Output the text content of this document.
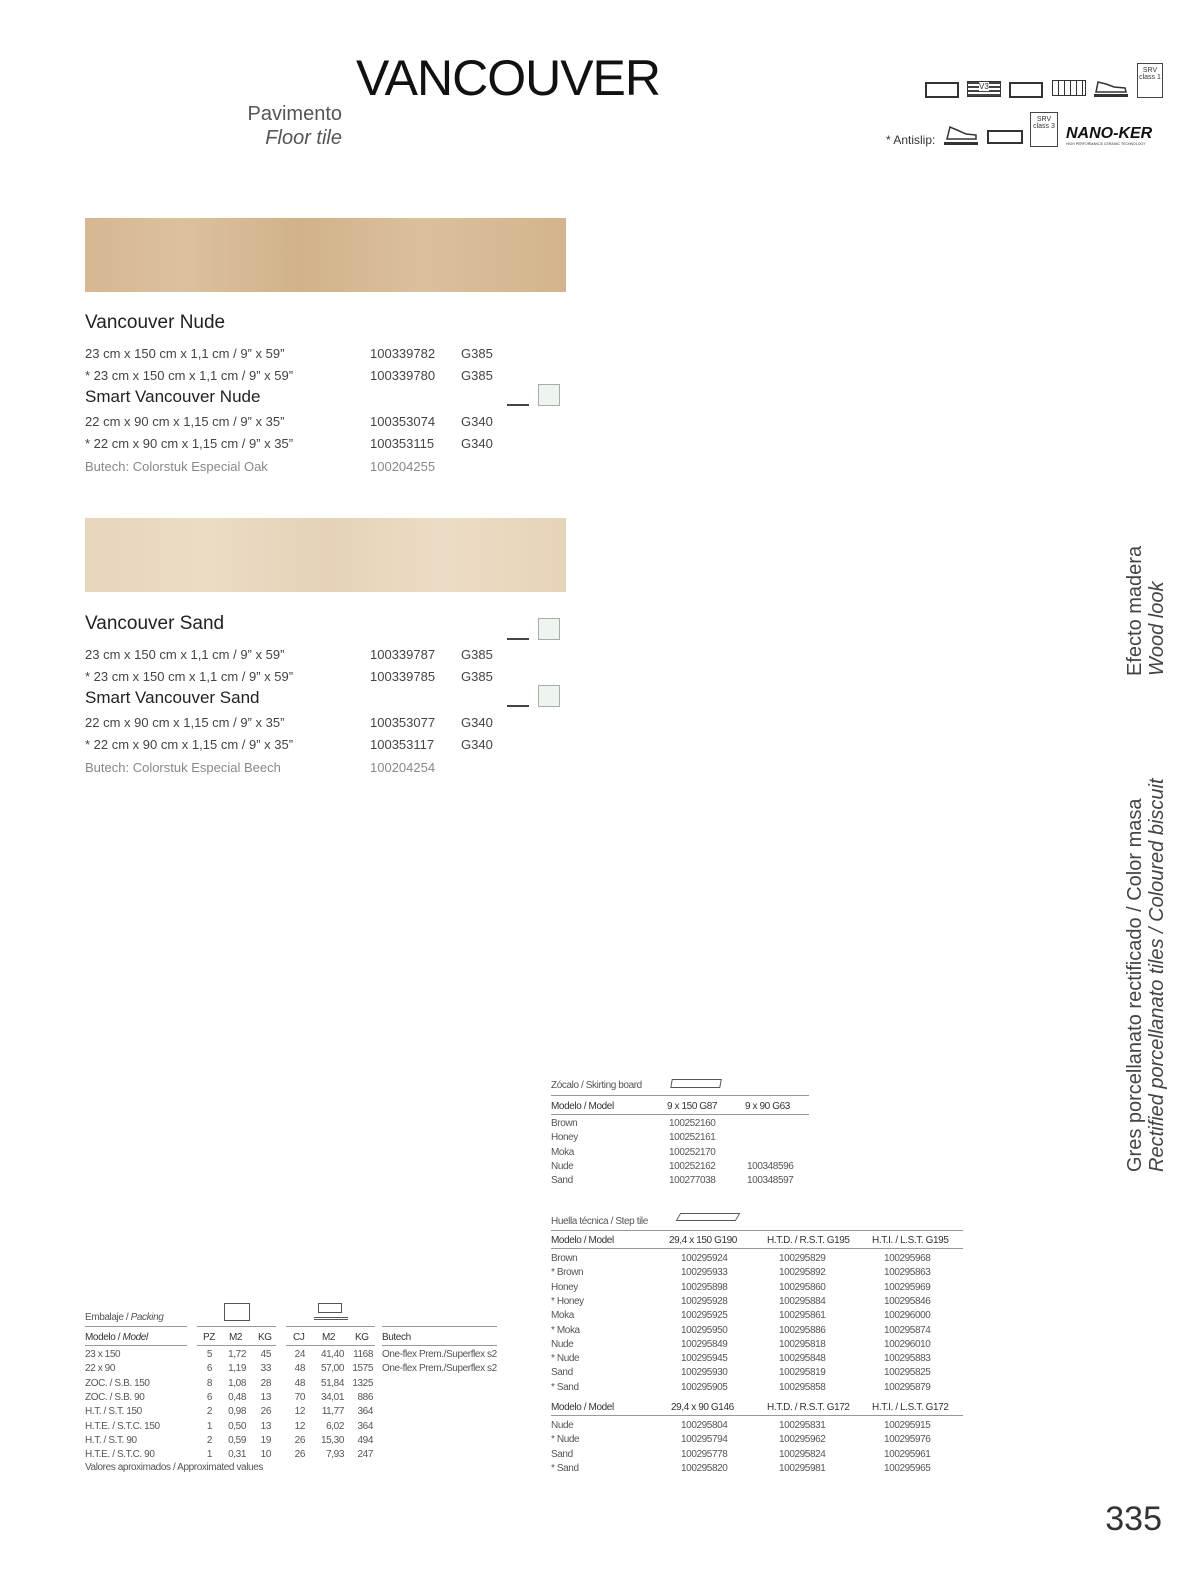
VANCOUVER
Pavimento
Floor tile
V3
SRV class 1
* Antislip:
SRV class 3 NANO-KER
HIGH PERFORMANCE CERAMIC TECHNOLOGY
Vancouver Nude
23 cm x 150 cm x 1,1 cm / 9” x 59”	100339782 G385
* 23 cm x 150 cm x 1,1 cm / 9” x 59”	100339780 G385
Smart Vancouver Nude
22 cm x 90 cm x 1,15 cm / 9” x 35”	100353074 G340
* 22 cm x 90 cm x 1,15 cm / 9” x 35”	100353115 G340
Butech: Colorstuk Especial Oak	100204255
Vancouver Sand
23 cm x 150 cm x 1,1 cm / 9” x 59”	100339787 G385
* 23 cm x 150 cm x 1,1 cm / 9” x 59”	100339785 G385
Smart Vancouver Sand
22 cm x 90 cm x 1,15 cm / 9” x 35”	100353077 G340
* 22 cm x 90 cm x 1,15 cm / 9” x 35”	100353117 G340
Butech: Colorstuk Especial Beech	100204254
Efecto madera Wood look
Gres porcellanato rectificado / Color masa Rectified porcellanato tiles / Coloured biscuit
Zócalo / Skirting board
Modelo / Model	9 x 150 G87	9 x 90 G63
Brown	100252160
Honey	100252161
Moka	100252170
Nude	100252162	100348596
Sand	100277038	100348597
Huella técnica / Step tile
Modelo / Model	29,4 x 150 G190	H.T.D. / R.S.T. G195 H.T.I. / L.S.T. G195
Brown	100295924	100295829	100295968
* Brown	100295933	100295892	100295863
Honey	100295898	100295860	100295969
* Honey	100295928	100295884	100295846
Moka	100295925	100295861	100296000
* Moka	100295950	100295886	100295874
Nude	100295849	100295818	100296010
* Nude	100295945	100295848	100295883
Sand	100295930	100295819	100295825
* Sand	100295905	100295858	100295879
Modelo / Model	29,4 x 90 G146	H.T.D. / R.S.T. G172 H.T.I. / L.S.T. G172
Nude	100295804	100295831	100295915
* Nude	100295794	100295962	100295976
Sand	100295778	100295824	100295961
* Sand	100295820	100295981	100295965
Embalaje / Packing
Modelo / Model	PZ M2 KG CJ M2 KG Butech
23 x 150	5 1,72 45 24 41,40 1168 One-flex Prem./Superflex s2
22 x 90	6 1,19 33 48 57,00 1575 One-flex Prem./Superflex s2
ZOC. / S.B. 150	8 1,08 28 48 51,84 1325
ZOC. / S.B. 90	6 0,48 13 70 34,01 886
H.T. / S.T. 150	2 0,98 26 12 11,77 364
H.T.E. / S.T.C. 150	1 0,50 13 12 6,02 364
H.T. / S.T. 90	2 0,59 19 26 15,30 494
H.T.E. / S.T.C. 90	1 0,31 10 26 7,93 247
Valores aproximados / Approximated values
335
